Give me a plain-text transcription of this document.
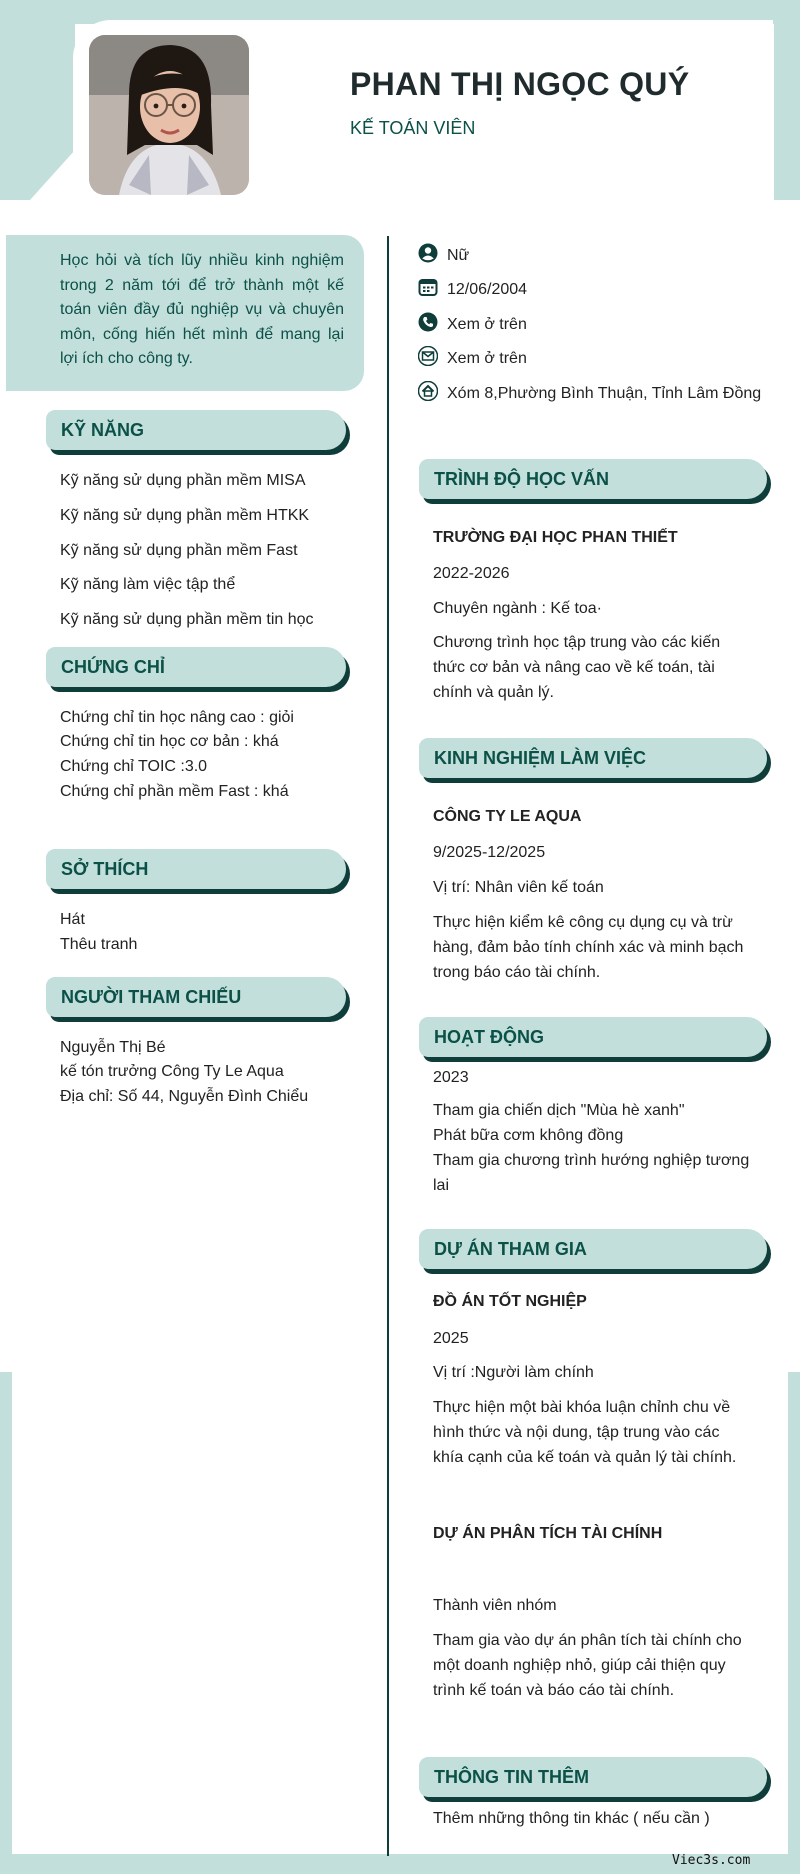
PHAN THỊ NGỌC QUÝ
KẾ TOÁN VIÊN
Học hỏi và tích lũy nhiều kinh nghiệm trong 2 năm tới để trở thành một kế toán viên đầy đủ nghiệp vụ và chuyên môn, cống hiến hết mình để mang lại lợi ích cho công ty.
KỸ NĂNG
Kỹ năng sử dụng phần mềm MISA
Kỹ năng sử dụng phần mềm HTKK
Kỹ năng sử dụng phần mềm Fast
Kỹ năng làm việc tập thể
Kỹ năng sử dụng phần mềm tin học
CHỨNG CHỈ
Chứng chỉ tin học nâng cao : giỏi
Chứng chỉ tin học cơ bản : khá
Chứng chỉ TOIC :3.0
Chứng chỉ phần mềm Fast : khá
SỞ THÍCH
Hát
Thêu tranh
NGƯỜI THAM CHIẾU
Nguyễn Thị Bé
kế tón trưởng Công Ty Le Aqua
Địa chỉ: Số 44, Nguyễn Đình Chiểu
Nữ
12/06/2004
Xem ở trên
Xem ở trên
Xóm 8,Phường Bình Thuận, Tỉnh Lâm Đồng
TRÌNH ĐỘ HỌC VẤN
TRƯỜNG ĐẠI HỌC PHAN THIẾT
2022-2026
Chuyên ngành : Kế toa·
Chương trình học tập trung vào các kiến thức cơ bản và nâng cao về kế toán, tài chính và quản lý.
KINH NGHIỆM LÀM VIỆC
CÔNG TY LE AQUA
9/2025-12/2025
Vị trí: Nhân viên kế toán
Thực hiện kiểm kê công cụ dụng cụ và trừ hàng, đảm bảo tính chính xác và minh bạch trong báo cáo tài chính.
HOẠT ĐỘNG
2023
Tham gia chiến dịch "Mùa hè xanh"
Phát bữa cơm không đồng
Tham gia chương trình hướng nghiệp tương lai
DỰ ÁN THAM GIA
ĐỒ ÁN TỐT NGHIỆP
2025
Vị trí :Người làm chính
Thực hiện một bài khóa luận chỉnh chu về hình thức và nội dung, tập trung vào các khía cạnh của kế toán và quản lý tài chính.
DỰ ÁN PHÂN TÍCH TÀI CHÍNH
Thành viên nhóm
Tham gia vào dự án phân tích tài chính cho một doanh nghiệp nhỏ, giúp cải thiện quy trình kế toán và báo cáo tài chính.
THÔNG TIN THÊM
Thêm những thông tin khác ( nếu cần )
Viec3s.com
